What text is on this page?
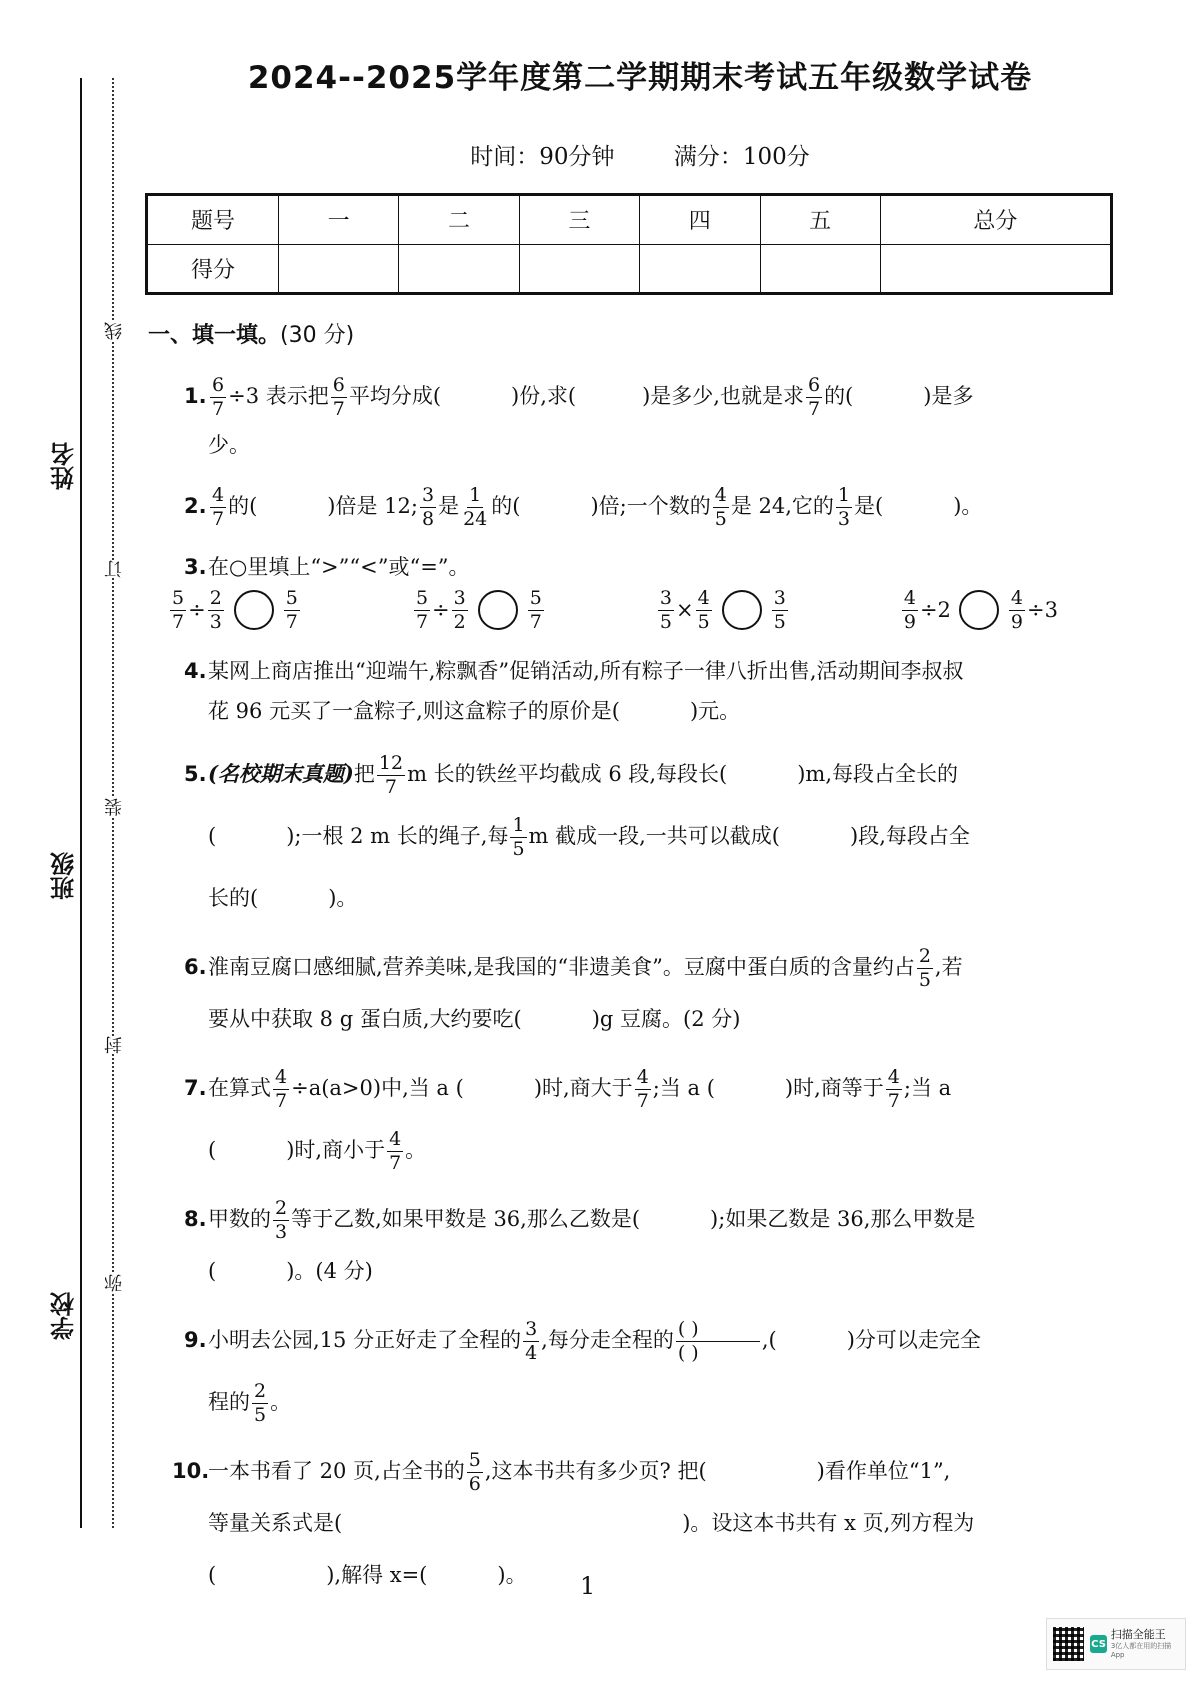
姓名
班级
学校
线
订
装
封
弥
2024--2025学年度第二学期期末考试五年级数学试卷
时间：90分钟	满分：100分
题号	一	二	三	四	五	总分
得分						
一、填一填。(30 分)
1. $\frac{6}{7} \div 3$ 表示把 $\frac{6}{7}$ 平均分成(	)份,求(	)是多少,也就是求 $\frac{6}{7}$ 的(	)是多
少。
2. $\frac{4}{7}$ 的(	)倍是 12; $\frac{3}{8}$ 是 $\frac{1}{24}$ 的(	)倍;一个数的 $\frac{4}{5}$ 是 24,它的 $\frac{1}{3}$ 是(	)。
3. 在○里填上“>”“<”或“=”。
$\frac{5}{7} \div \frac{2}{3}$	5
7	$\frac{5}{7} \div \frac{3}{2}$	5
7	$\frac{3}{5} \times \frac{4}{5}$	3
5	$\frac{4}{9} \div 2$	$\frac{4}{9} \div 3$
4. 某网上商店推出“迎端午,粽飘香”促销活动,所有粽子一律八折出售,活动期间李叔叔
花 96 元买了一盒粽子,则这盒粽子的原价是(	)元。
5. (名校期末真题)把 $\frac{12}{7}$ m 长的铁丝平均截成 6 段,每段长(	)m,每段占全长的
(	);一根 2 m 长的绳子,每 $\frac{1}{5}$ m 截成一段,一共可以截成(	)段,每段占全
长的(	)。
6. 淮南豆腐口感细腻,营养美味,是我国的“非遗美食”。豆腐中蛋白质的含量约占 $\frac{2}{5}$ ,若
要从中获取 8 g 蛋白质,大约要吃(	)g 豆腐。(2 分)
7. 在算式 $\frac{4}{7} \div a(a>0)$中,当 a (	)时,商大于 $\frac{4}{7}$ ;当 a (	)时,商等于 $\frac{4}{7}$ ;当 a
(	)时,商小于 $\frac{4}{7}$ 。
8. 甲数的 $\frac{2}{3}$ 等于乙数,如果甲数是 36,那么乙数是(	);如果乙数是 36,那么甲数是
(	)。(4 分)
9. 小明去公园,15 分正好走了全程的 $\frac{3}{4}$ ,每分走全程的 ( )
( )
,(	)分可以走完全
程的 $\frac{2}{5}$ 。
10.
一本书看了 20 页,占全书的 $\frac{5}{6}$ ,这本书共有多少页? 把(	)看作单位“1”,
等量关系式是(	)。设这本书共有 x 页,列方程为
(	),解得 x=(	)。	1
CS
扫描全能王
3亿人都在用的扫描App
